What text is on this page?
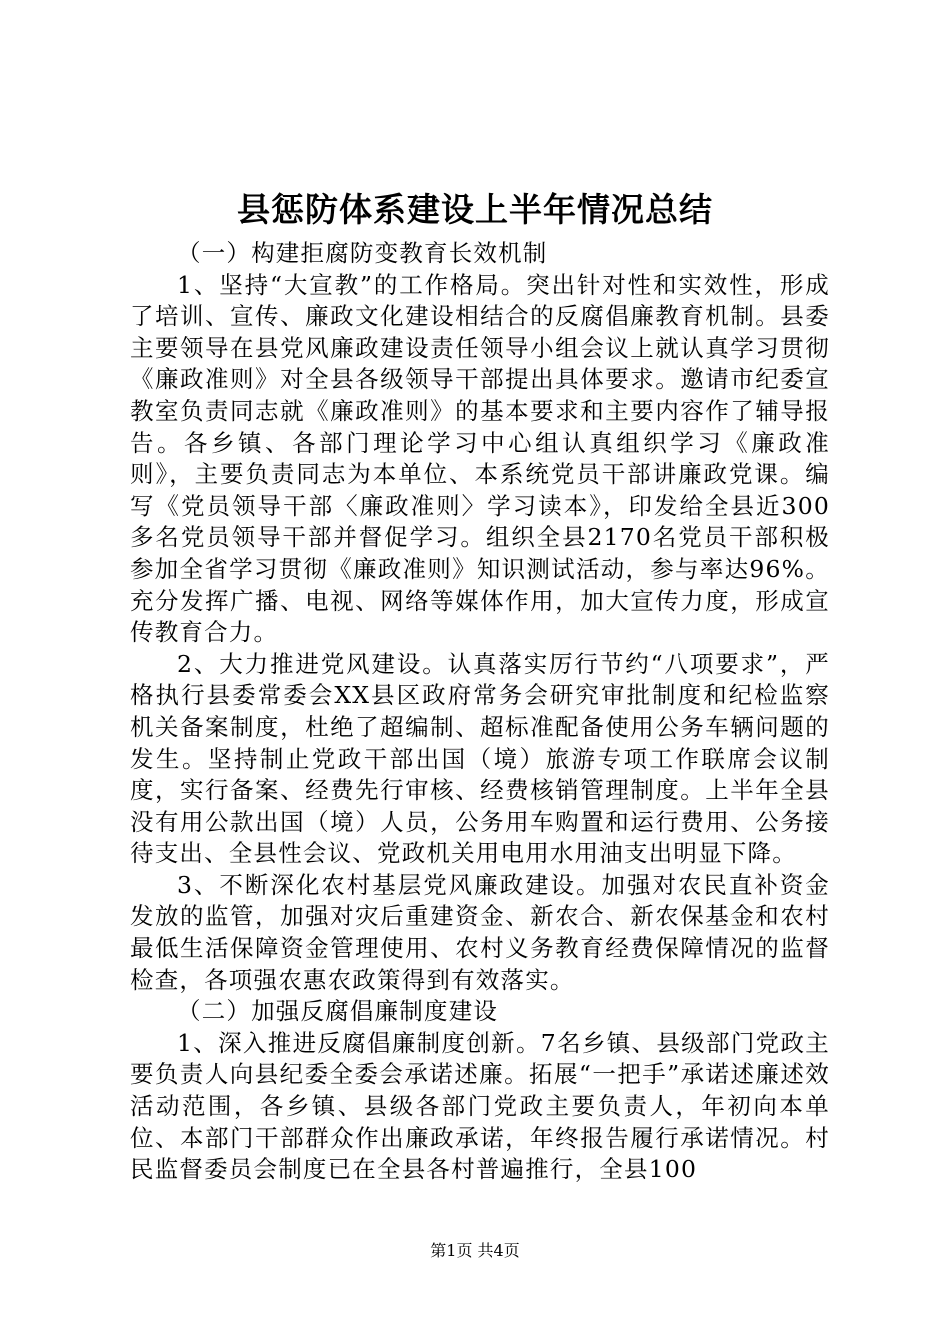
县惩防体系建设上半年情况总结

（一）构建拒腐防变教育长效机制

1、坚持“大宣教”的工作格局。突出针对性和实效性，形成了培训、宣传、廉政文化建设相结合的反腐倡廉教育机制。县委主要领导在县党风廉政建设责任领导小组会议上就认真学习贯彻《廉政准则》对全县各级领导干部提出具体要求。邀请市纪委宣教室负责同志就《廉政准则》的基本要求和主要内容作了辅导报告。各乡镇、各部门理论学习中心组认真组织学习《廉政准则》，主要负责同志为本单位、本系统党员干部讲廉政党课。编写《党员领导干部〈廉政准则〉学习读本》，印发给全县近300多名党员领导干部并督促学习。组织全县2170名党员干部积极参加全省学习贯彻《廉政准则》知识测试活动，参与率达96%。充分发挥广播、电视、网络等媒体作用，加大宣传力度，形成宣传教育合力。

2、大力推进党风建设。认真落实厉行节约“八项要求”，严格执行县委常委会XX县区政府常务会研究审批制度和纪检监察机关备案制度，杜绝了超编制、超标准配备使用公务车辆问题的发生。坚持制止党政干部出国（境）旅游专项工作联席会议制度，实行备案、经费先行审核、经费核销管理制度。上半年全县没有用公款出国（境）人员，公务用车购置和运行费用、公务接待支出、全县性会议、党政机关用电用水用油支出明显下降。

3、不断深化农村基层党风廉政建设。加强对农民直补资金发放的监管，加强对灾后重建资金、新农合、新农保基金和农村最低生活保障资金管理使用、农村义务教育经费保障情况的监督检查，各项强农惠农政策得到有效落实。

（二）加强反腐倡廉制度建设

1、深入推进反腐倡廉制度创新。7名乡镇、县级部门党政主要负责人向县纪委全委会承诺述廉。拓展“一把手”承诺述廉述效活动范围，各乡镇、县级各部门党政主要负责人，年初向本单位、本部门干部群众作出廉政承诺，年终报告履行承诺情况。村民监督委员会制度已在全县各村普遍推行，全县100

第1页 共4页
